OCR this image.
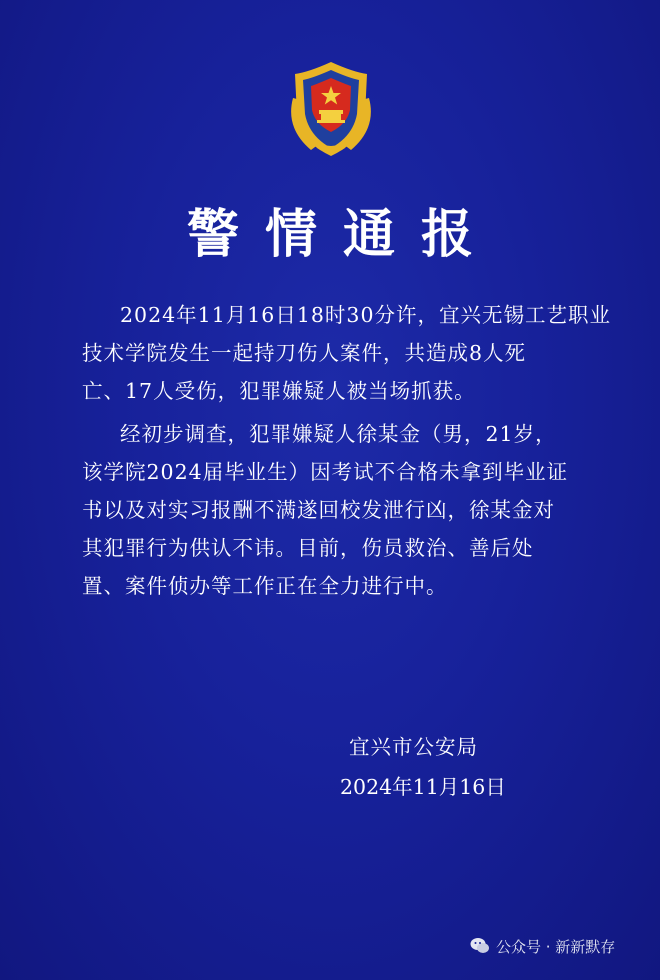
警情通报
2024年11月16日18时30分许，宜兴无锡工艺职业
技术学院发生一起持刀伤人案件，共造成8人死
亡、17人受伤，犯罪嫌疑人被当场抓获。
经初步调查，犯罪嫌疑人徐某金（男，21岁，
该学院2024届毕业生）因考试不合格未拿到毕业证
书以及对实习报酬不满遂回校发泄行凶，徐某金对
其犯罪行为供认不讳。目前，伤员救治、善后处
置、案件侦办等工作正在全力进行中。
宜兴市公安局
2024年11月16日
公众号 · 新新默存
